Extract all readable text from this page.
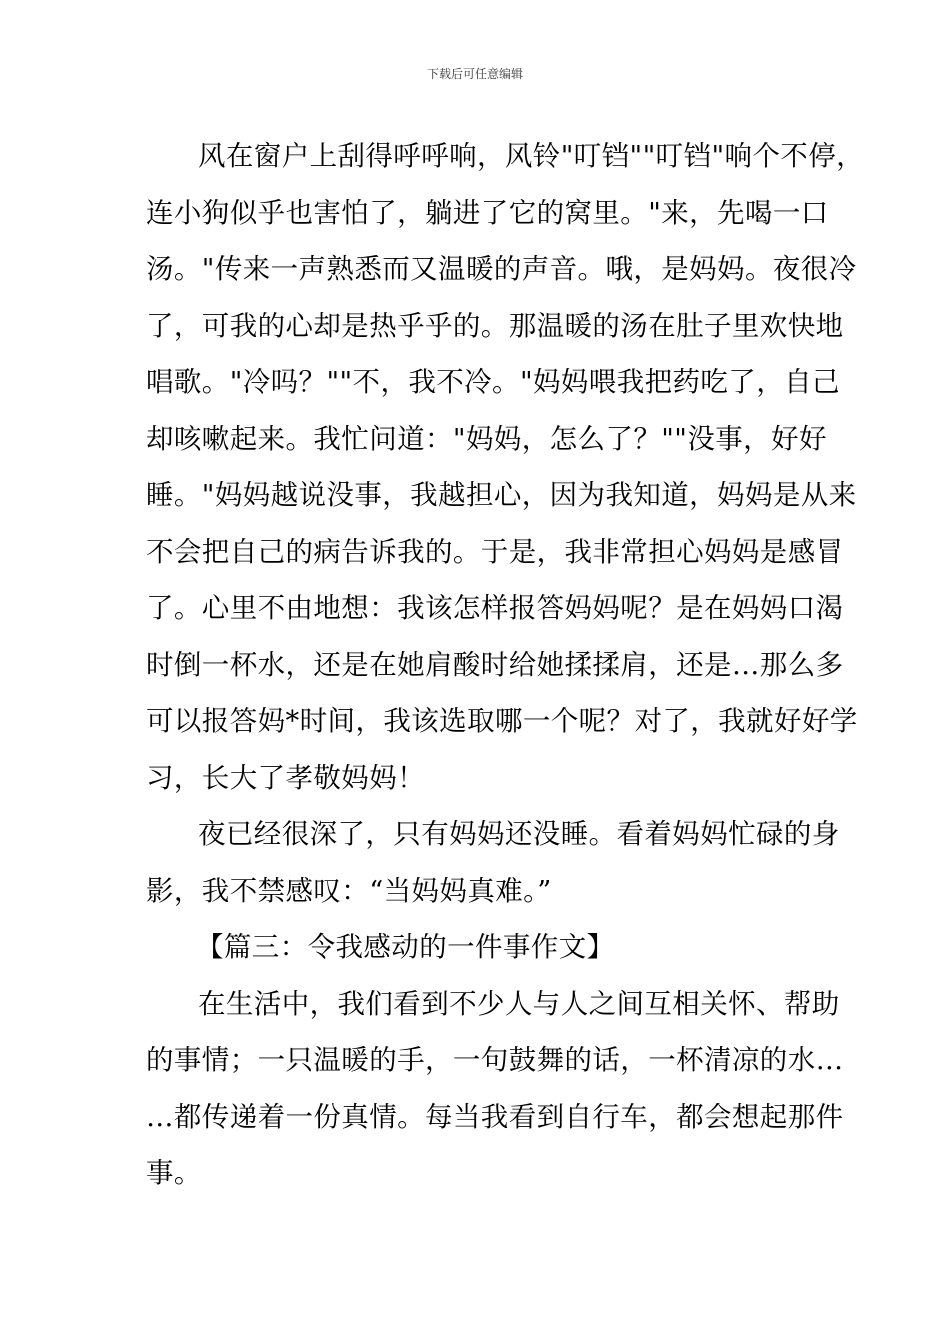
下载后可任意编辑
风在窗户上刮得呼呼响，风铃"叮铛""叮铛"响个不停，
连小狗似乎也害怕了，躺进了它的窝里。"来，先喝一口
汤。"传来一声熟悉而又温暖的声音。哦，是妈妈。夜很冷
了，可我的心却是热乎乎的。那温暖的汤在肚子里欢快地
唱歌。"冷吗？""不，我不冷。"妈妈喂我把药吃了，自己
却咳嗽起来。我忙问道："妈妈，怎么了？""没事，好好
睡。"妈妈越说没事，我越担心，因为我知道，妈妈是从来
不会把自己的病告诉我的。于是，我非常担心妈妈是感冒
了。心里不由地想：我该怎样报答妈妈呢？是在妈妈口渴
时倒一杯水，还是在她肩酸时给她揉揉肩，还是…那么多
可以报答妈*时间，我该选取哪一个呢？对了，我就好好学
习，长大了孝敬妈妈！
夜已经很深了，只有妈妈还没睡。看着妈妈忙碌的身
影，我不禁感叹：“当妈妈真难。”
【篇三：令我感动的一件事作文】
在生活中，我们看到不少人与人之间互相关怀、帮助
的事情；一只温暖的手，一句鼓舞的话，一杯清凉的水…
…都传递着一份真情。每当我看到自行车，都会想起那件
事。
